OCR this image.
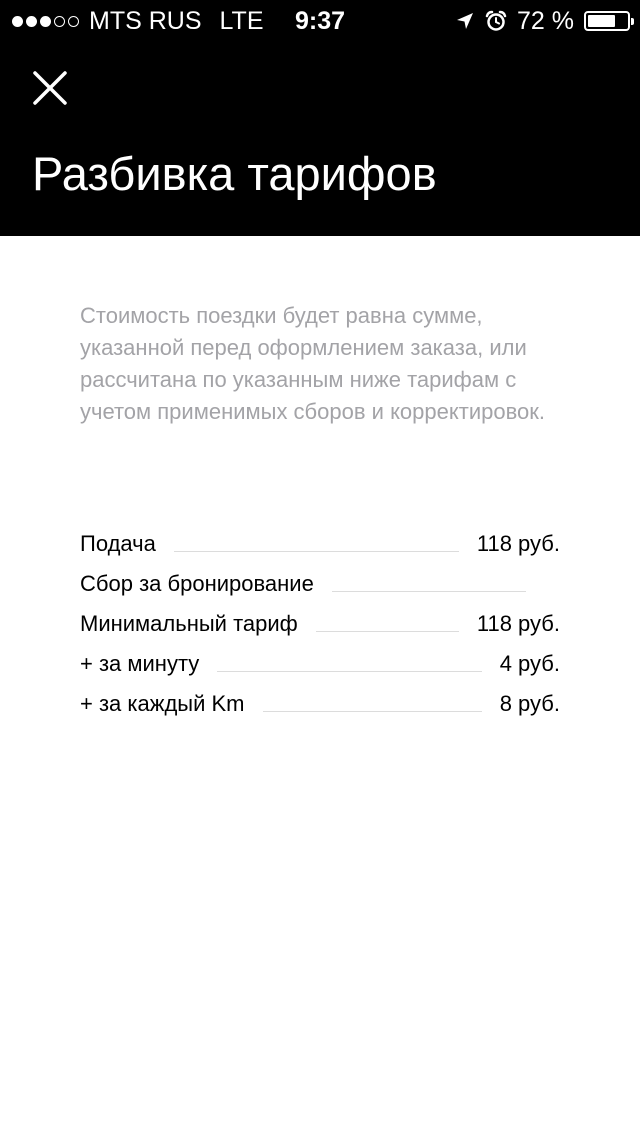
MTS RUS LTE	9:37	72 %
Разбивка тарифов

Стоимость поездки будет равна сумме, указанной перед оформлением заказа, или рассчитана по указанным ниже тарифам с учетом применимых сборов и корректировок.

Подача	118 руб.
Сбор за бронирование
Минимальный тариф	118 руб.
+ за минуту	4 руб.
+ за каждый Km	8 руб.
